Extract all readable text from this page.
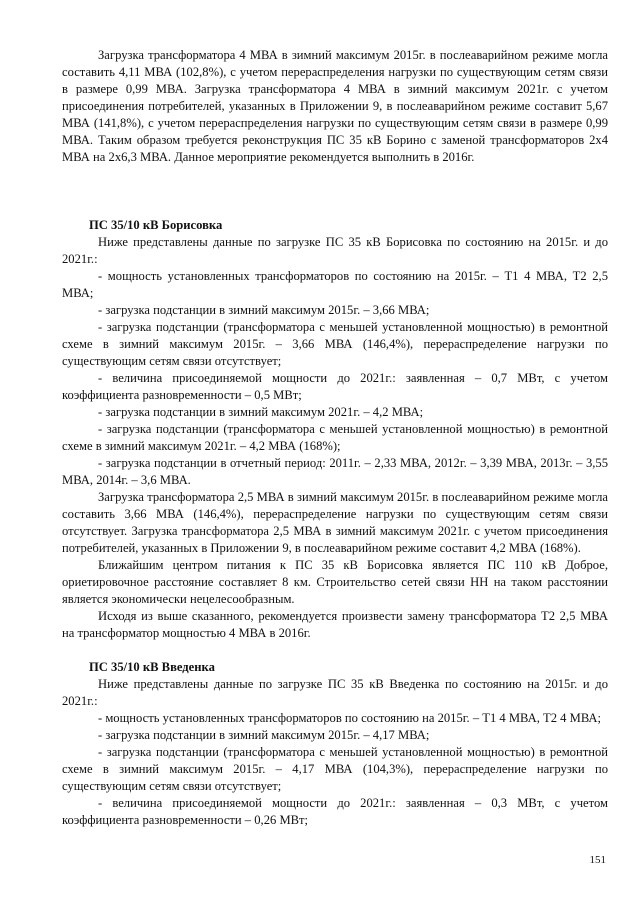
Загрузка трансформатора 4 МВА в зимний максимум 2015г. в послеаварийном режиме могла составить 4,11 МВА (102,8%), с учетом перераспределения нагрузки по существующим сетям связи в размере 0,99 МВА. Загрузка трансформатора 4 МВА в зимний максимум 2021г. с учетом присоединения потребителей, указанных в Приложении 9, в послеаварийном режиме составит 5,67 МВА (141,8%), с учетом перераспределения нагрузки по существующим сетям связи в размере 0,99 МВА. Таким образом требуется реконструкция ПС 35 кВ Борино с заменой трансформаторов 2х4 МВА на 2х6,3 МВА. Данное мероприятие рекомендуется выполнить в 2016г.

ПС 35/10 кВ Борисовка

Ниже представлены данные по загрузке ПС 35 кВ Борисовка по состоянию на 2015г. и до 2021г.:

- мощность установленных трансформаторов по состоянию на 2015г. – Т1 4 МВА, Т2 2,5 МВА;

- загрузка подстанции в зимний максимум 2015г. – 3,66 МВА;

- загрузка подстанции (трансформатора с меньшей установленной мощностью) в ремонтной схеме в зимний максимум 2015г. – 3,66 МВА (146,4%), перераспределение нагрузки по существующим сетям связи отсутствует;

- величина присоединяемой мощности до 2021г.: заявленная – 0,7 МВт, с учетом коэффициента разновременности – 0,5 МВт;

- загрузка подстанции в зимний максимум 2021г. – 4,2 МВА;

- загрузка подстанции (трансформатора с меньшей установленной мощностью) в ремонтной схеме в зимний максимум 2021г. – 4,2 МВА (168%);

- загрузка подстанции в отчетный период: 2011г. – 2,33 МВА, 2012г. – 3,39 МВА, 2013г. – 3,55 МВА, 2014г. – 3,6 МВА.

Загрузка трансформатора 2,5 МВА в зимний максимум 2015г. в послеаварийном режиме могла составить 3,66 МВА (146,4%), перераспределение нагрузки по существующим сетям связи отсутствует. Загрузка трансформатора 2,5 МВА в зимний максимум 2021г. с учетом присоединения потребителей, указанных в Приложении 9, в послеаварийном режиме составит 4,2 МВА (168%).

Ближайшим центром питания к ПС 35 кВ Борисовка является ПС 110 кВ Доброе, ориетировочное расстояние составляет 8 км. Строительство сетей связи НН на таком расстоянии является экономически нецелесообразным.

Исходя из выше сказанного, рекомендуется произвести замену трансформатора Т2 2,5 МВА на трансформатор мощностью 4 МВА в 2016г.

ПС 35/10 кВ Введенка

Ниже представлены данные по загрузке ПС 35 кВ Введенка по состоянию на 2015г. и до 2021г.:

- мощность установленных трансформаторов по состоянию на 2015г. – Т1 4 МВА, Т2 4 МВА;

- загрузка подстанции в зимний максимум 2015г. – 4,17 МВА;

- загрузка подстанции (трансформатора с меньшей установленной мощностью) в ремонтной схеме в зимний максимум 2015г. – 4,17 МВА (104,3%), перераспределение нагрузки по существующим сетям связи отсутствует;

- величина присоединяемой мощности до 2021г.: заявленная – 0,3 МВт, с учетом коэффициента разновременности – 0,26 МВт;

151
